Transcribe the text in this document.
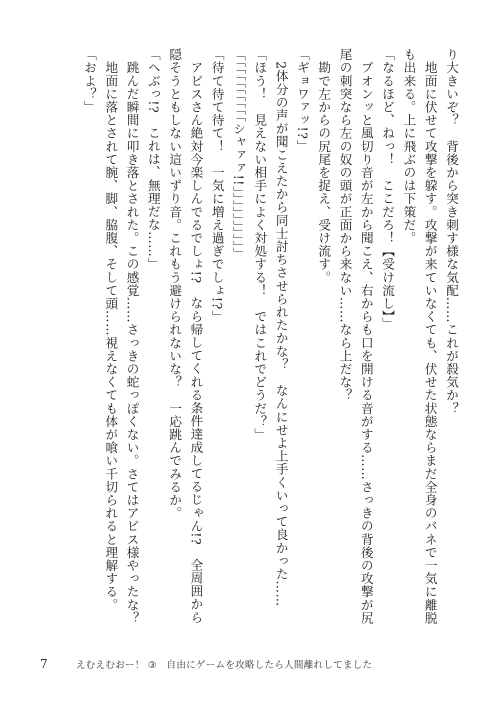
り大きいぞ？　背後から突き刺す様な気配……これが殺気か？
　地面に伏せて攻撃を躱す。攻撃が来ていなくても、伏せた状態ならまだ全身のバネで一気に離脱
も出来る。上に飛ぶのは下策だ。
「なるほど、ねっ！　ここだろ！【受け流し】」
　ブオンッと風切り音が左から聞こえ、右からも口を開ける音がする……さっきの背後の攻撃が尻
尾の刺突なら左の奴の頭が正面から来ない……なら上だな？
　勘で左からの尻尾を捉え、受け流す。
「ギョワァッ!?」
　2体分の声が聞こえたから同士討ちさせられたかな？　なんにせよ上手くいって良かった……
「ほう！　見えない相手によく対処する！　ではこれでどうだ？」
「「「「「「「「「「シャァァ!!」」」」」」」」」」
「待て待て待て！　一気に増え過ぎでしょ!?」
　アビスさん絶対今楽しんでるでしょ!?　なら帰してくれる条件達成してるじゃん!?　全周囲から
隠そうともしない這いずり音。これもう避けられないな？　一応跳んでみるか。
「へぶっ!?　これは、無理だな……」
　跳んだ瞬間に叩き落とされた。この感覚……さっきの蛇っぽくない。さてはアビス様やったな？
　地面に落とされて腕、脚、脇腹、そして頭……視えなくても体が喰い千切られると理解する。
「およ？」
7	えむえむおー！ ③　自由にゲームを攻略したら人間離れしてました
